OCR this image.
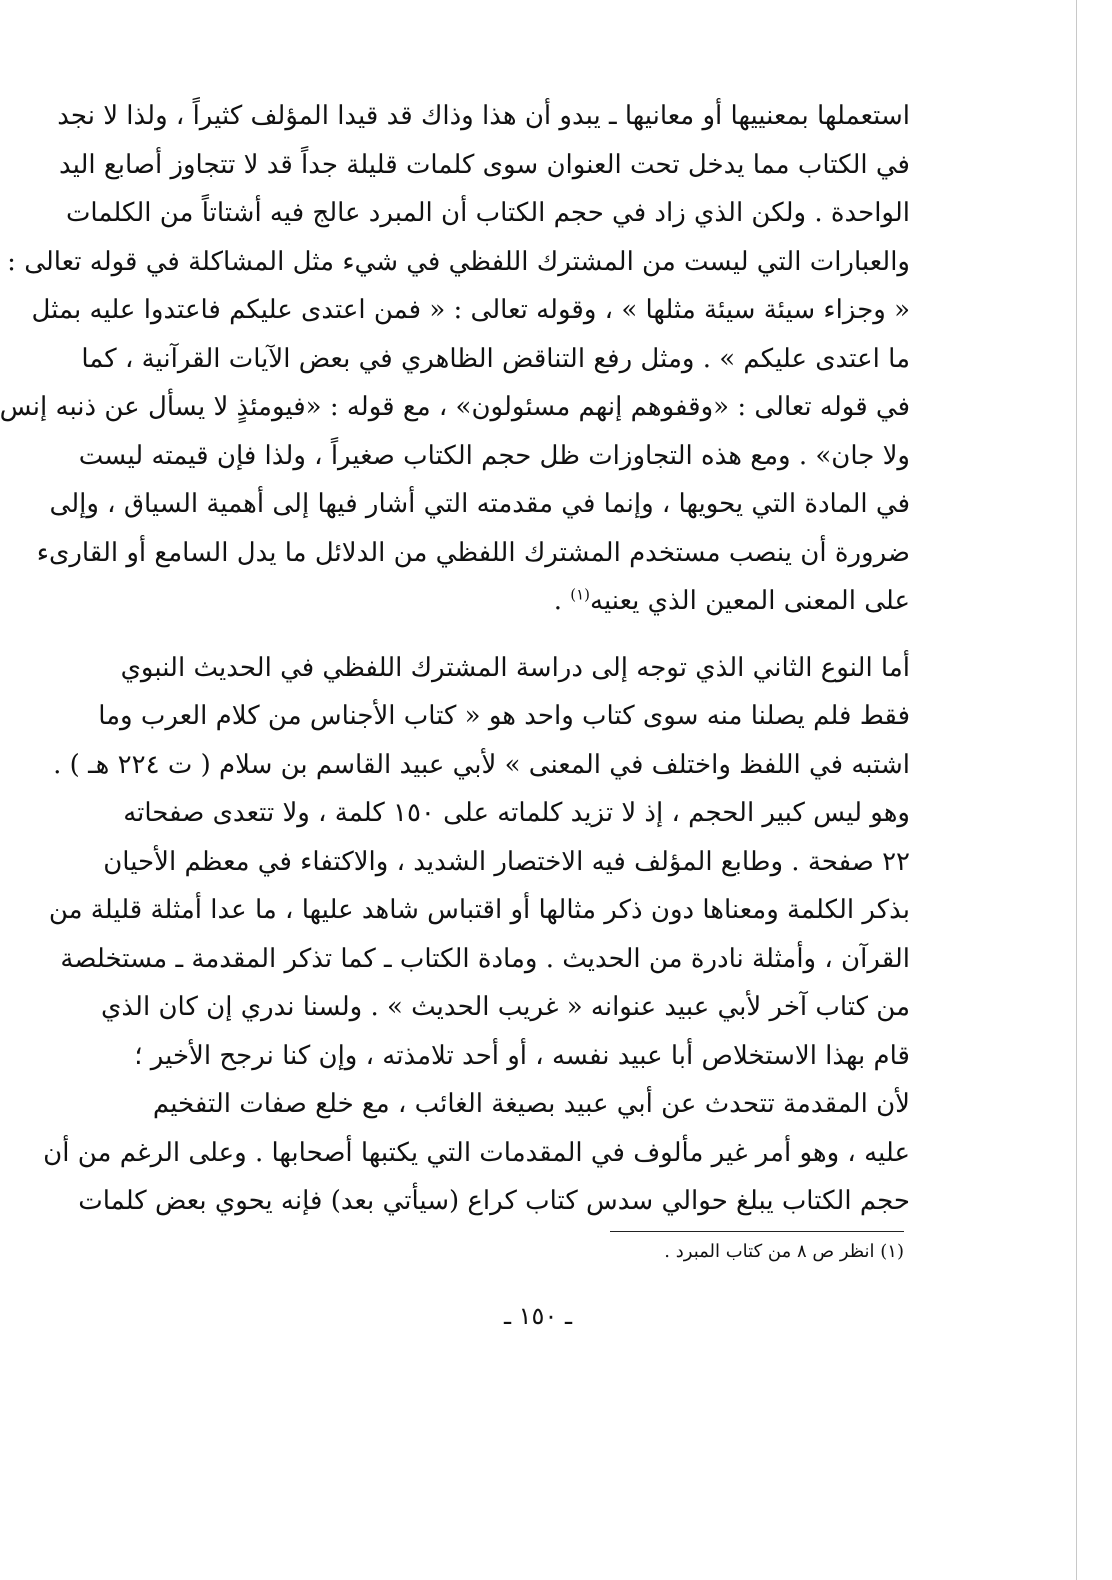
استعملها بمعنييها أو معانيها ـ يبدو أن هذا وذاك قد قيدا المؤلف كثيراً ، ولذا لا نجد
في الكتاب مما يدخل تحت العنوان سوى كلمات قليلة جداً قد لا تتجاوز أصابع اليد
الواحدة . ولكن الذي زاد في حجم الكتاب أن المبرد عالج فيه أشتاتاً من الكلمات
والعبارات التي ليست من المشترك اللفظي في شيء مثل المشاكلة في قوله تعالى :
« وجزاء سيئة سيئة مثلها » ، وقوله تعالى : « فمن اعتدى عليكم فاعتدوا عليه بمثل
ما اعتدى عليكم » . ومثل رفع التناقض الظاهري في بعض الآيات القرآنية ، كما
في قوله تعالى : «وقفوهم إنهم مسئولون» ، مع قوله : «فيومئذٍ لا يسأل عن ذنبه إنس
ولا جان» . ومع هذه التجاوزات ظل حجم الكتاب صغيراً ، ولذا فإن قيمته ليست
في المادة التي يحويها ، وإنما في مقدمته التي أشار فيها إلى أهمية السياق ، وإلى
ضرورة أن ينصب مستخدم المشترك اللفظي من الدلائل ما يدل السامع أو القارىء
على المعنى المعين الذي يعنيه$^{(١)}$ .
أما النوع الثاني الذي توجه إلى دراسة المشترك اللفظي في الحديث النبوي
فقط فلم يصلنا منه سوى كتاب واحد هو « كتاب الأجناس من كلام العرب وما
اشتبه في اللفظ واختلف في المعنى » لأبي عبيد القاسم بن سلام ( ت ٢٢٤ هـ ) .
وهو ليس كبير الحجم ، إذ لا تزيد كلماته على ١٥٠ كلمة ، ولا تتعدى صفحاته
٢٢ صفحة . وطابع المؤلف فيه الاختصار الشديد ، والاكتفاء في معظم الأحيان
بذكر الكلمة ومعناها دون ذكر مثالها أو اقتباس شاهد عليها ، ما عدا أمثلة قليلة من
القرآن ، وأمثلة نادرة من الحديث . ومادة الكتاب ـ كما تذكر المقدمة ـ مستخلصة
من كتاب آخر لأبي عبيد عنوانه « غريب الحديث » . ولسنا ندري إن كان الذي
قام بهذا الاستخلاص أبا عبيد نفسه ، أو أحد تلامذته ، وإن كنا نرجح الأخير ؛
لأن المقدمة تتحدث عن أبي عبيد بصيغة الغائب ، مع خلع صفات التفخيم
عليه ، وهو أمر غير مألوف في المقدمات التي يكتبها أصحابها . وعلى الرغم من أن
حجم الكتاب يبلغ حوالي سدس كتاب كراع (سيأتي بعد) فإنه يحوي بعض كلمات
(١) انظر ص ٨ من كتاب المبرد .
ـ ١٥٠ ـ
